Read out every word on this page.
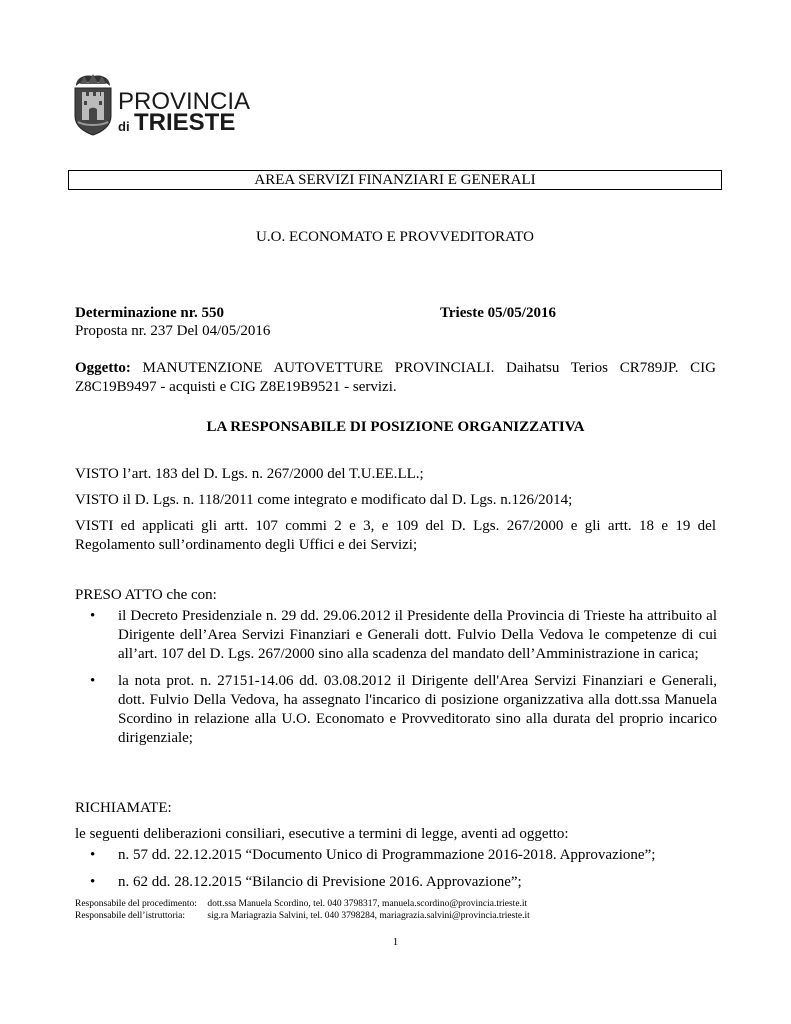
PROVINCIA
di TRIESTE
AREA SERVIZI FINANZIARI E GENERALI
U.O. ECONOMATO E PROVVEDITORATO
Determinazione nr. 550	Trieste 05/05/2016
Proposta nr. 237 Del 04/05/2016
Oggetto: MANUTENZIONE AUTOVETTURE PROVINCIALI. Daihatsu Terios CR789JP. CIG Z8C19B9497 - acquisti e CIG Z8E19B9521 - servizi.
LA RESPONSABILE DI POSIZIONE ORGANIZZATIVA
VISTO l’art. 183 del D. Lgs. n. 267/2000 del T.U.EE.LL.;
VISTO il D. Lgs. n. 118/2011 come integrato e modificato dal D. Lgs. n.126/2014;
VISTI ed applicati gli artt. 107 commi 2 e 3, e 109 del D. Lgs. 267/2000 e gli artt. 18 e 19 del Regolamento sull’ordinamento degli Uffici e dei Servizi;
PRESO ATTO che con:
•	il Decreto Presidenziale n. 29 dd. 29.06.2012 il Presidente della Provincia di Trieste ha attribuito al Dirigente dell’Area Servizi Finanziari e Generali dott. Fulvio Della Vedova le competenze di cui all’art. 107 del D. Lgs. 267/2000 sino alla scadenza del mandato dell’Amministrazione in carica;
•	la nota prot. n. 27151-14.06 dd. 03.08.2012 il Dirigente dell'Area Servizi Finanziari e Generali, dott. Fulvio Della Vedova, ha assegnato l'incarico di posizione organizzativa alla dott.ssa Manuela Scordino in relazione alla U.O. Economato e Provveditorato sino alla durata del proprio incarico dirigenziale;
RICHIAMATE:
le seguenti deliberazioni consiliari, esecutive a termini di legge, aventi ad oggetto:
•	n. 57 dd. 22.12.2015 “Documento Unico di Programmazione 2016-2018. Approvazione”;
•	n. 62 dd. 28.12.2015 “Bilancio di Previsione 2016. Approvazione”;
Responsabile del procedimento: dott.ssa Manuela Scordino, tel. 040 3798317, manuela.scordino@provincia.trieste.it
Responsabile dell’istruttoria: sig.ra Mariagrazia Salvini, tel. 040 3798284, mariagrazia.salvini@provincia.trieste.it
1
